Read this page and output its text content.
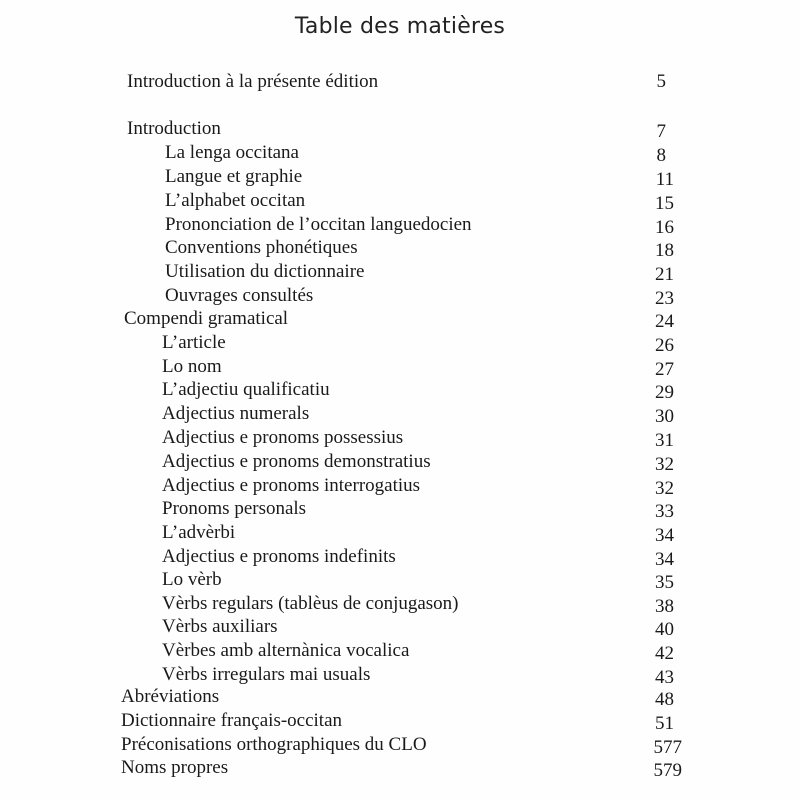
Table des matières
Introduction à la présente édition	5
Introduction	7
La lenga occitana	8
Langue et graphie	11
L’alphabet occitan	15
Prononciation de l’occitan languedocien	16
Conventions phonétiques	18
Utilisation du dictionnaire	21
Ouvrages consultés	23
Compendi gramatical	24
L’article	26
Lo nom	27
L’adjectiu qualificatiu	29
Adjectius numerals	30
Adjectius e pronoms possessius	31
Adjectius e pronoms demonstratius	32
Adjectius e pronoms interrogatius	32
Pronoms personals	33
L’advèrbi	34
Adjectius e pronoms indefinits	34
Lo vèrb	35
Vèrbs regulars (tablèus de conjugason)	38
Vèrbs auxiliars	40
Vèrbes amb alternànica vocalica	42
Vèrbs irregulars mai usuals	43
Abréviations	48
Dictionnaire français-occitan	51
Préconisations orthographiques du CLO	577
Noms propres	579
